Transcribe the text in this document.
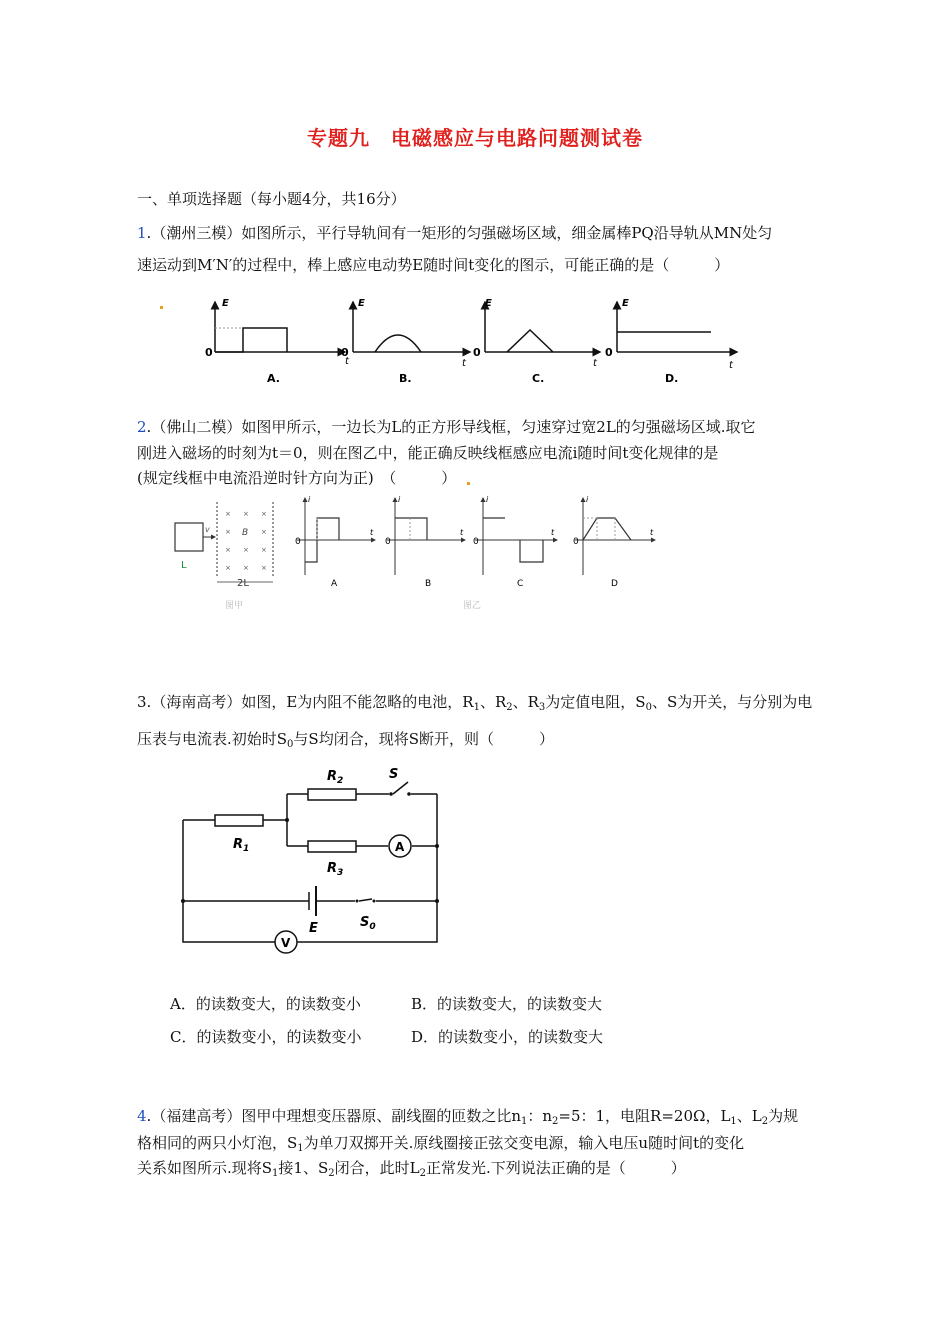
专题九　电磁感应与电路问题测试卷
一、单项选择题（每小题4分，共16分）
1.（潮州三模）如图所示，平行导轨间有一矩形的匀强磁场区域，细金属棒PQ沿导轨从MN处匀
速运动到M′N′的过程中，棒上感应电动势E随时间t变化的图示，可能正确的是（　　　）
E
t
0
A.
E
t
0
B.
E
t
0
C.
E
t
0
D.
2.（佛山二模）如图甲所示，一边长为L的正方形导线框，匀速穿过宽2L的匀强磁场区域.取它
刚进入磁场的时刻为t＝0，则在图乙中，能正确反映线框感应电流i随时间t变化规律的是
(规定线框中电流沿逆时针方向为正)　（　　　）
v
L
× × ×
×	×
× × ×
× × ×
B
2L
图甲
i
t
0
A
i
t
0
B
i
t
0
C
i
t
0
D
图乙
3.（海南高考）如图，E为内阻不能忽略的电池，$R_1$、$R_2$、$R_3$为定值电阻，$S_0$、S为开关，与分别为电
压表与电流表.初始时$S_0$与S均闭合，现将S断开，则（　　　）
$R_1$
$R_2$
$R_3$
S
E	$S_0$
A
V
A．的读数变大，的读数变小	B．的读数变大，的读数变大
C．的读数变小，的读数变小	D．的读数变小，的读数变大
4.（福建高考）图甲中理想变压器原、副线圈的匝数之比$n_1$：$n_2=5$：1，电阻R=20Ω，$L_1$、$L_2$为规
格相同的两只小灯泡，$S_1$为单刀双掷开关.原线圈接正弦交变电源，输入电压u随时间t的变化
关系如图所示.现将$S_1$接1、$S_2$闭合，此时$L_2$正常发光.下列说法正确的是（　　　）
